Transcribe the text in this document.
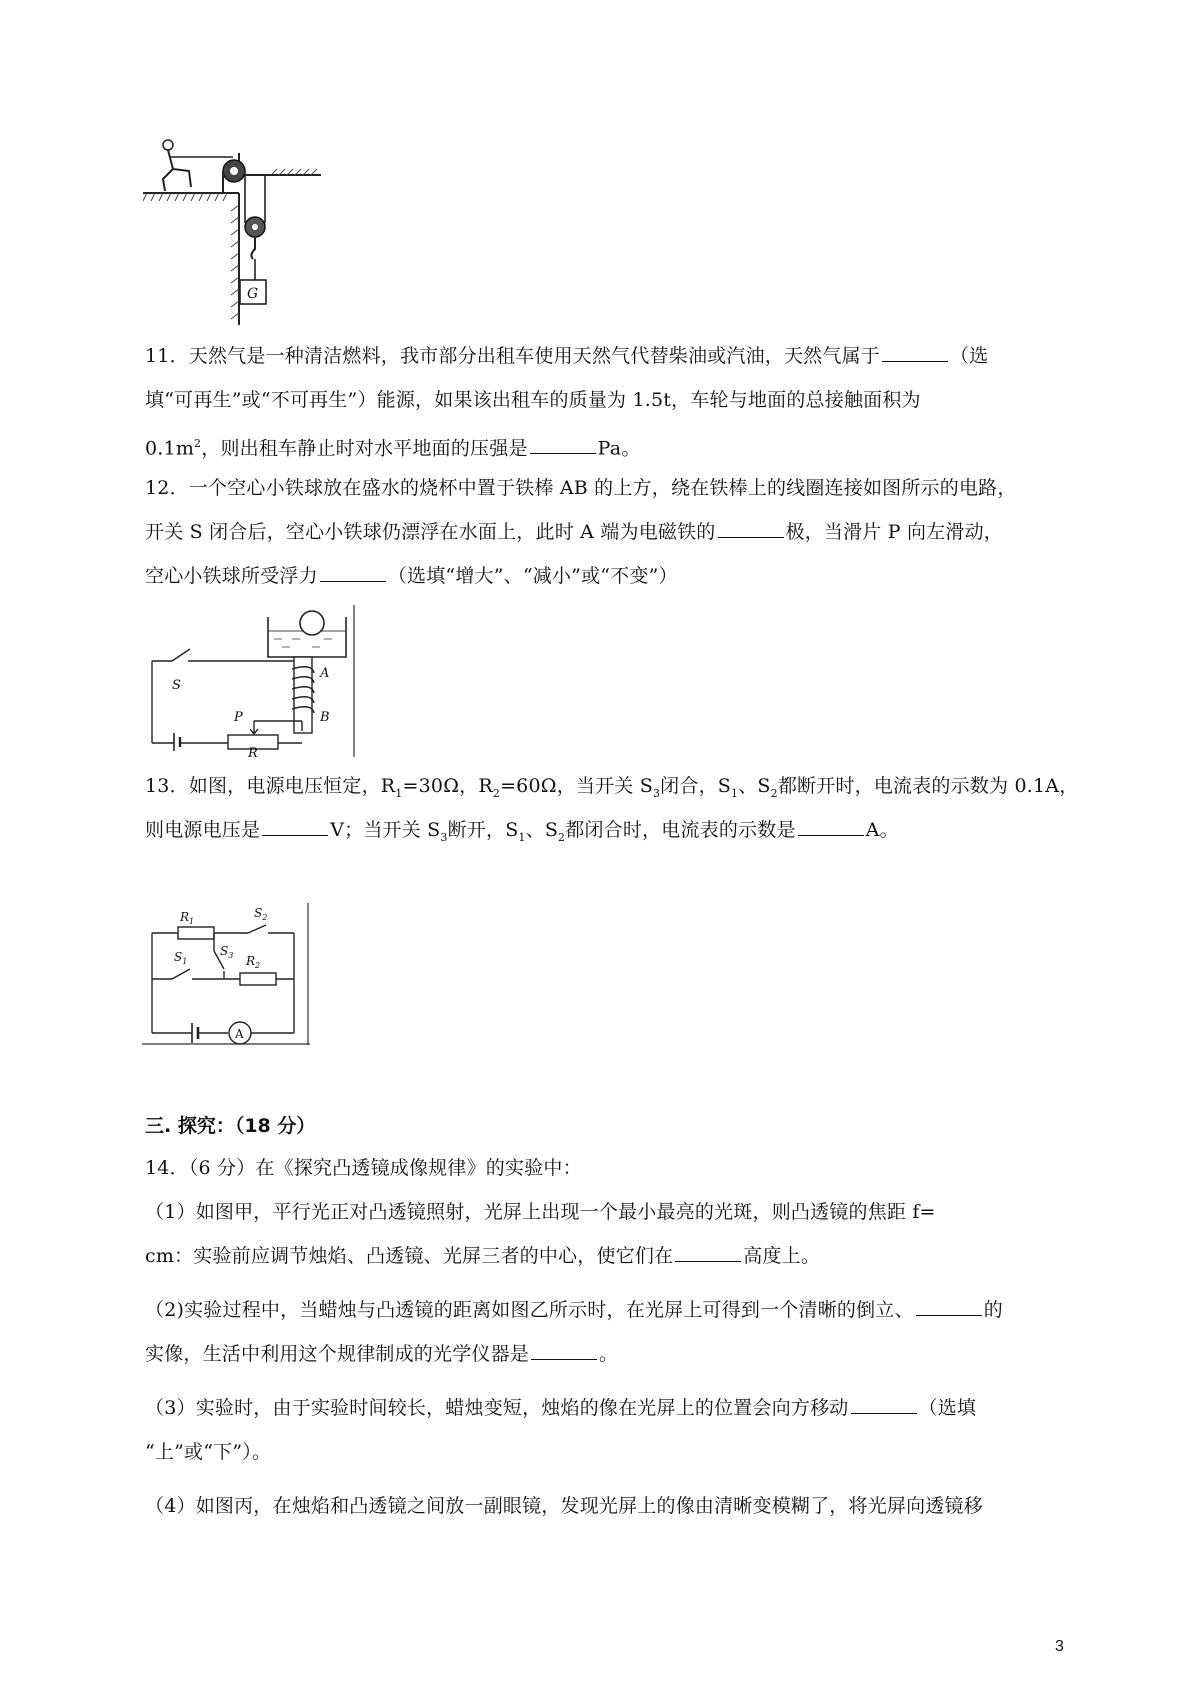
G
11．天然气是一种清洁燃料，我市部分出租车使用天然气代替柴油或汽油，天然气属于	（选
填“可再生”或“不可再生”）能源，如果该出租车的质量为 1.5t，车轮与地面的总接触面积为
$0.1m^2$，则出租车静止时对水平地面的压强是	Pa。
12．一个空心小铁球放在盛水的烧杯中置于铁棒 AB 的上方，绕在铁棒上的线圈连接如图所示的电路，
开关 S 闭合后，空心小铁球仍漂浮在水面上，此时 A 端为电磁铁的	极，当滑片 P 向左滑动，
空心小铁球所受浮力	（选填“增大”、“减小”或“不变”）
A
B
S
P
R
13．如图，电源电压恒定，$R_1=30\Omega$，$R_2=60\Omega$，当开关 $S_3$闭合，$S_1$、$S_2$都断开时，电流表的示数为 0.1A，
则电源电压是	V；当开关 $S_3$断开，$S_1$、$S_2$都闭合时，电流表的示数是	A。
$R_1$
$S_2$
$S_1$
$S_3$ $R_2$
A
三. 探究：（18 分）
14．（6 分）在《探究凸透镜成像规律》的实验中：
（1）如图甲，平行光正对凸透镜照射，光屏上出现一个最小最亮的光斑，则凸透镜的焦距 f=
cm：实验前应调节烛焰、凸透镜、光屏三者的中心，使它们在	高度上。
（2)实验过程中，当蜡烛与凸透镜的距离如图乙所示时，在光屏上可得到一个清晰的倒立、	的
实像，生活中利用这个规律制成的光学仪器是	。
（3）实验时，由于实验时间较长，蜡烛变短，烛焰的像在光屏上的位置会向方移动	（选填
“上”或“下”）。
（4）如图丙，在烛焰和凸透镜之间放一副眼镜，发现光屏上的像由清晰变模糊了，将光屏向透镜移
3
